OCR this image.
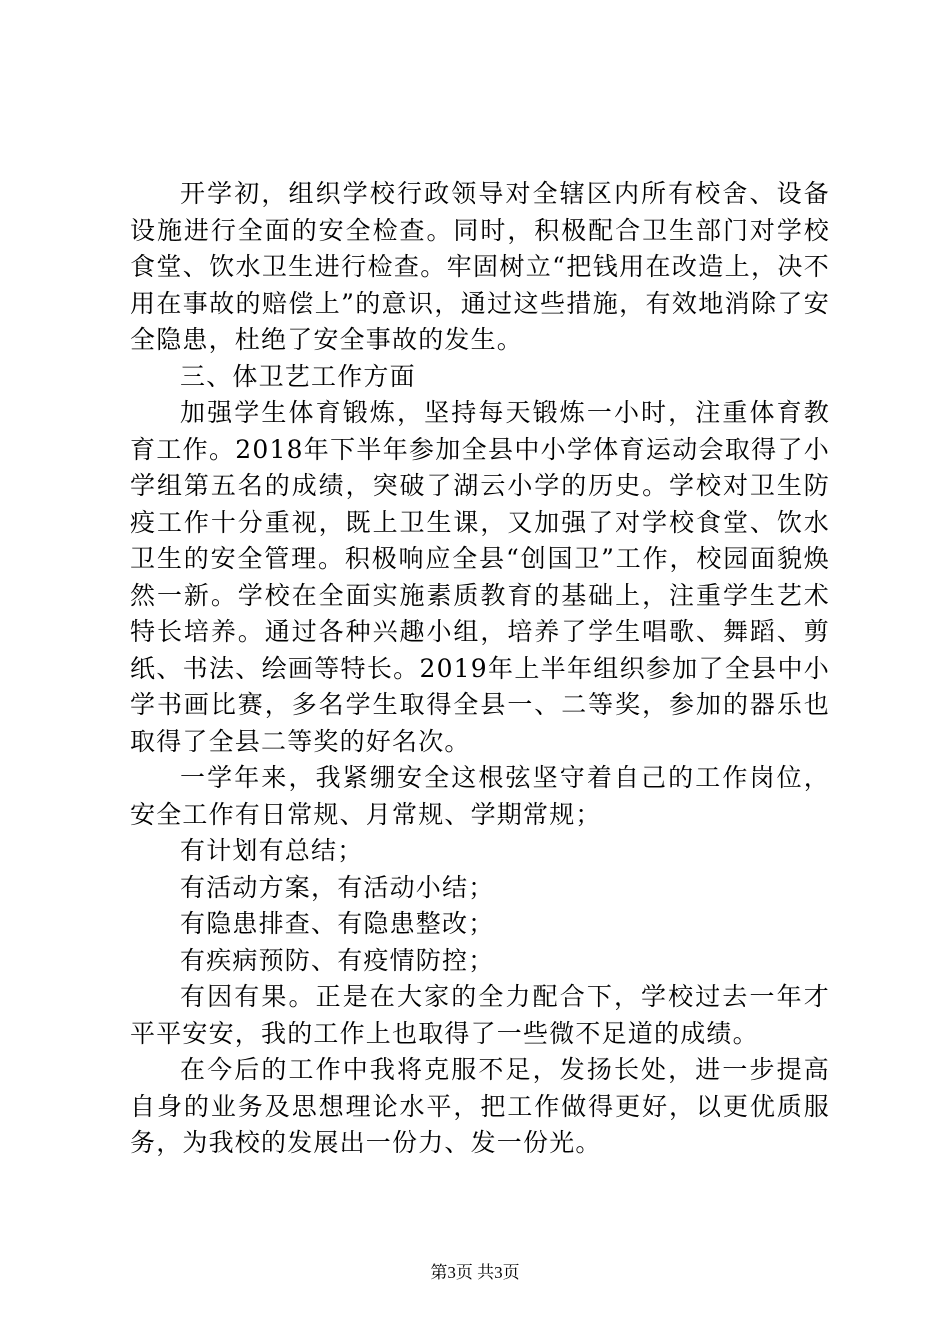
开学初，组织学校行政领导对全辖区内所有校舍、设备设施进行全面的安全检查。同时，积极配合卫生部门对学校食堂、饮水卫生进行检查。牢固树立“把钱用在改造上，决不用在事故的赔偿上”的意识，通过这些措施，有效地消除了安全隐患，杜绝了安全事故的发生。

三、体卫艺工作方面

加强学生体育锻炼，坚持每天锻炼一小时，注重体育教育工作。2018年下半年参加全县中小学体育运动会取得了小学组第五名的成绩，突破了湖云小学的历史。学校对卫生防疫工作十分重视，既上卫生课，又加强了对学校食堂、饮水卫生的安全管理。积极响应全县“创国卫”工作，校园面貌焕然一新。学校在全面实施素质教育的基础上，注重学生艺术特长培养。通过各种兴趣小组，培养了学生唱歌、舞蹈、剪纸、书法、绘画等特长。2019年上半年组织参加了全县中小学书画比赛，多名学生取得全县一、二等奖，参加的器乐也取得了全县二等奖的好名次。

一学年来，我紧绷安全这根弦坚守着自己的工作岗位，安全工作有日常规、月常规、学期常规；

有计划有总结；

有活动方案，有活动小结；

有隐患排查、有隐患整改；

有疾病预防、有疫情防控；

有因有果。正是在大家的全力配合下，学校过去一年才平平安安，我的工作上也取得了一些微不足道的成绩。

在今后的工作中我将克服不足，发扬长处，进一步提高自身的业务及思想理论水平，把工作做得更好，以更优质服务，为我校的发展出一份力、发一份光。

第3页 共3页
